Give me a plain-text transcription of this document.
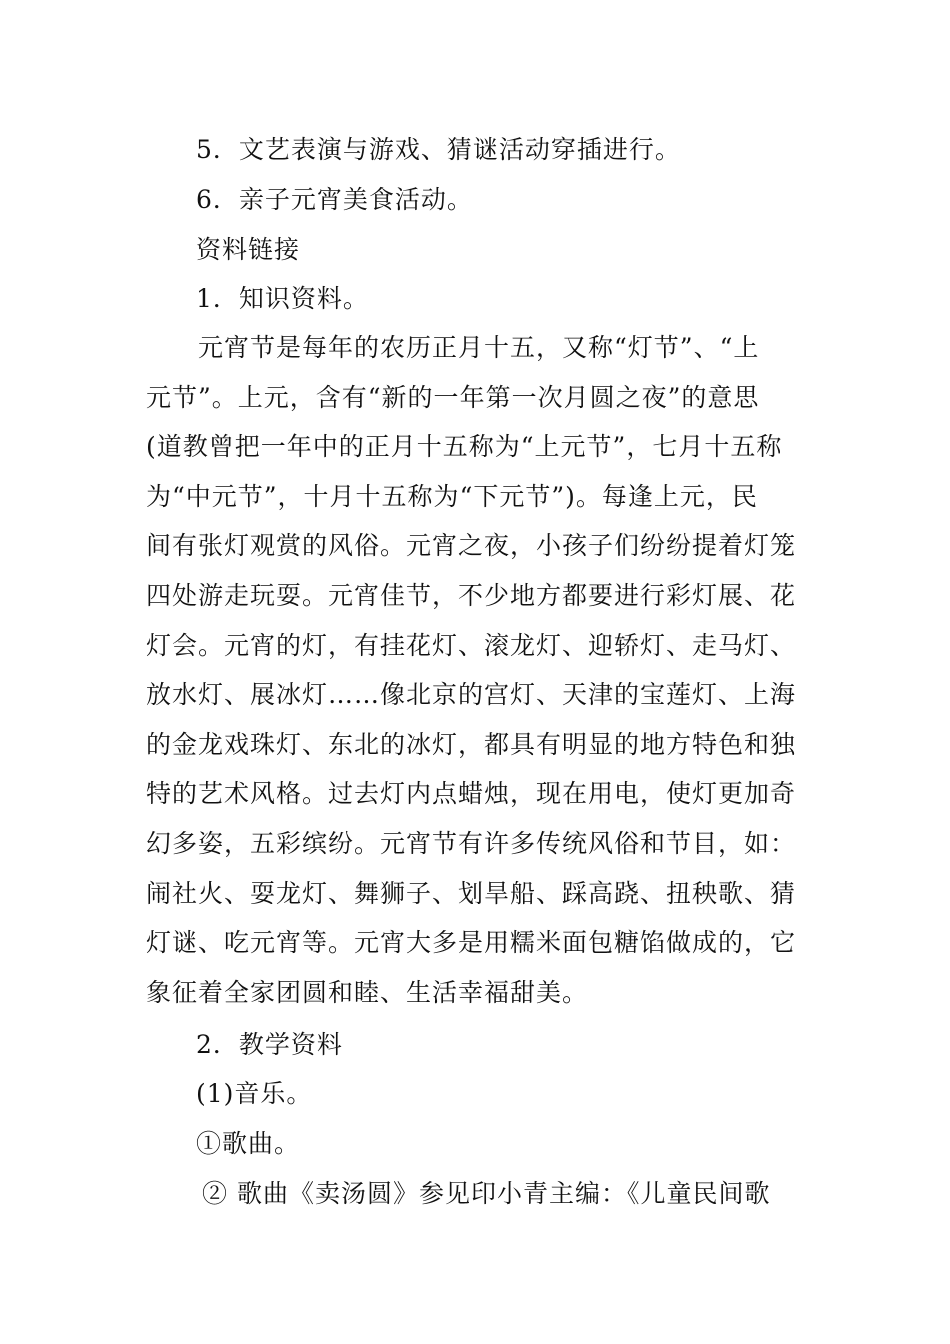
5．文艺表演与游戏、猜谜活动穿插进行。
6．亲子元宵美食活动。
资料链接
1．知识资料。
元宵节是每年的农历正月十五，又称“灯节”、“上
元节”。上元，含有“新的一年第一次月圆之夜”的意思
(道教曾把一年中的正月十五称为“上元节”，七月十五称
为“中元节”，十月十五称为“下元节”)。每逢上元，民
间有张灯观赏的风俗。元宵之夜，小孩子们纷纷提着灯笼
四处游走玩耍。元宵佳节，不少地方都要进行彩灯展、花
灯会。元宵的灯，有挂花灯、滚龙灯、迎轿灯、走马灯、
放水灯、展冰灯……像北京的宫灯、天津的宝莲灯、上海
的金龙戏珠灯、东北的冰灯，都具有明显的地方特色和独
特的艺术风格。过去灯内点蜡烛，现在用电，使灯更加奇
幻多姿，五彩缤纷。元宵节有许多传统风俗和节目，如：
闹社火、耍龙灯、舞狮子、划旱船、踩高跷、扭秧歌、猜
灯谜、吃元宵等。元宵大多是用糯米面包糖馅做成的，它
象征着全家团圆和睦、生活幸福甜美。
2．教学资料
(1)音乐。
①歌曲。
② 歌曲《卖汤圆》参见印小青主编：《儿童民间歌
